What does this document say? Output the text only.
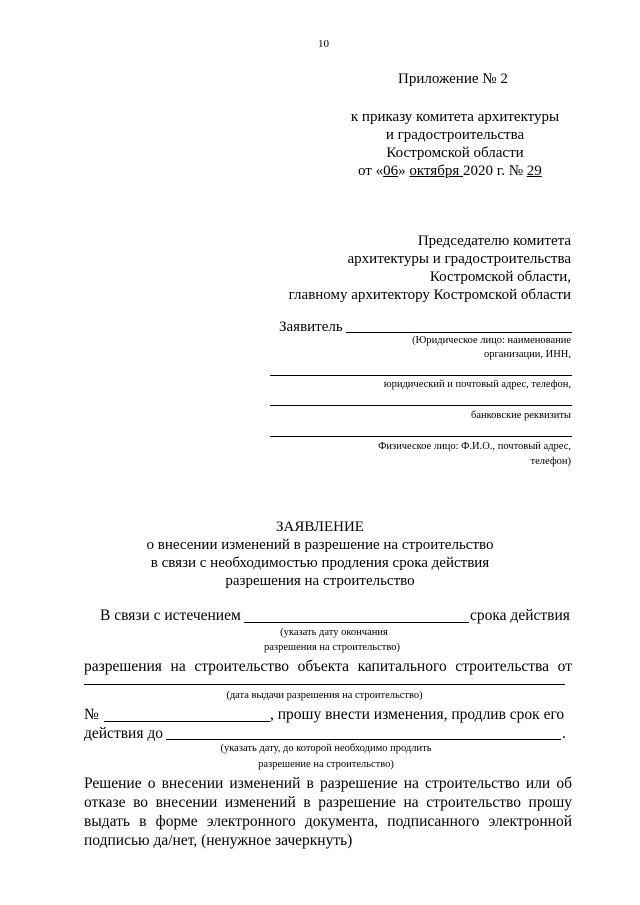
10
Приложение № 2
к приказу комитета архитектуры
и градостроительства
Костромской области
от «06» октября 2020 г. № 29
Председателю комитета
архитектуры и градостроительства
Костромской области,
главному архитектору Костромской области
Заявитель
(Юридическое лицо: наименование
организации, ИНН,
юридический и почтовый адрес, телефон,
банковские реквизиты
Физическое лицо: Ф.И.О., почтовый адрес,
телефон)
ЗАЯВЛЕНИЕ
о внесении изменений в разрешение на строительство
в связи с необходимостью продления срока действия
разрешения на строительство
В связи с истечением	срока действия
(указать дату окончания
разрешения на строительство)
разрешения на строительство объекта капитального строительства от
(дата выдачи разрешения на строительство)
№	, прошу внести изменения, продлив срок его
действия до	.
(указать дату, до которой необходимо продлить
разрешение на строительство)
Решение о внесении изменений в разрешение на строительство или об
отказе во внесении изменений в разрешение на строительство прошу
выдать в форме электронного документа, подписанного электронной
подписью да/нет, (ненужное зачеркнуть)
